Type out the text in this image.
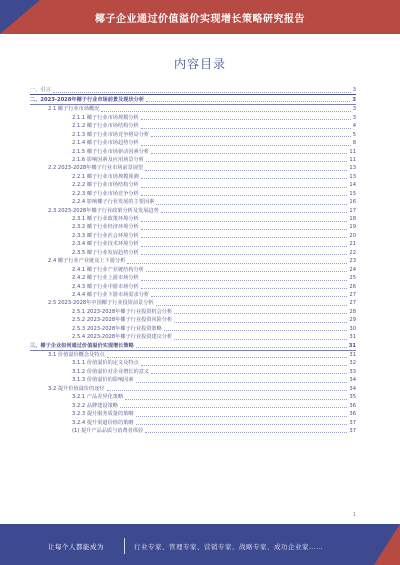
椰子企业通过价值溢价实现增长策略研究报告
内容目录
一、引言	3
二、2023-2028年椰子行业市场前景及现状分析	3
2.1 椰子行业市场概况	3
2.1.1 椰子行业市场规模分析	3
2.1.2 椰子行业市场结构分析	4
2.1.3 椰子行业市场竞争格局分析	5
2.1.4 椰子行业市场趋势分析	8
2.1.5 椰子行业市场驱动因素分析	11
2.1.6 影响因素及应用场景分析	11
2.2 2023-2028年椰子行业市场前景展望	13
2.2.1 椰子行业市场规模预测	13
2.2.2 椰子行业市场结构分析	14
2.2.3 椰子行业市场竞争分析	15
2.2.4 影响椰子行业发展的主要因素	16
2.3 2023-2028年椰子行业政策分析及发展趋势	17
2.3.1 椰子行业政策环境分析	18
2.3.2 椰子行业经济环境分析	19
2.3.3 椰子行业社会环境分析	20
2.3.4 椰子行业技术环境分析	21
2.3.5 椰子行业发展趋势分析	22
2.4 椰子行业产业链及上下游分析	23
2.4.1 椰子行业产业链结构分析	24
2.4.2 椰子行业上游市场分析	25
2.4.3 椰子行业中游市场分析	26
2.4.4 椰子行业下游市场需求分析	27
2.5 2023-2028年中国椰子行业投资前景分析	27
2.5.1 2023-2028年椰子行业投资机会分析	28
2.5.2 2023-2028年椰子行业投资风险分析	29
2.5.3 2023-2028年椰子行业投资策略	30
2.5.4 2023-2028年椰子行业投资建议分析	31
三、椰子企业如何通过价值溢价实现增长策略	31
3.1 价值溢价概念及特点	31
3.1.1 价值溢价的定义及特点	32
3.1.2 价值溢价对企业增长的意义	33
3.1.3 价值溢价的影响因素	34
3.2 提升价值溢价的途径	34
3.2.1 产品差异化策略	35
3.2.2 品牌建设策略	36
3.2.3 提升服务质量的策略	36
3.2.4 提升渠道价值的策略	37
(1) 提升产品品质与消费者体验	37
1
让每个人都能成为	行业专家、管理专家、营销专家、战略专家、成功企业家……
